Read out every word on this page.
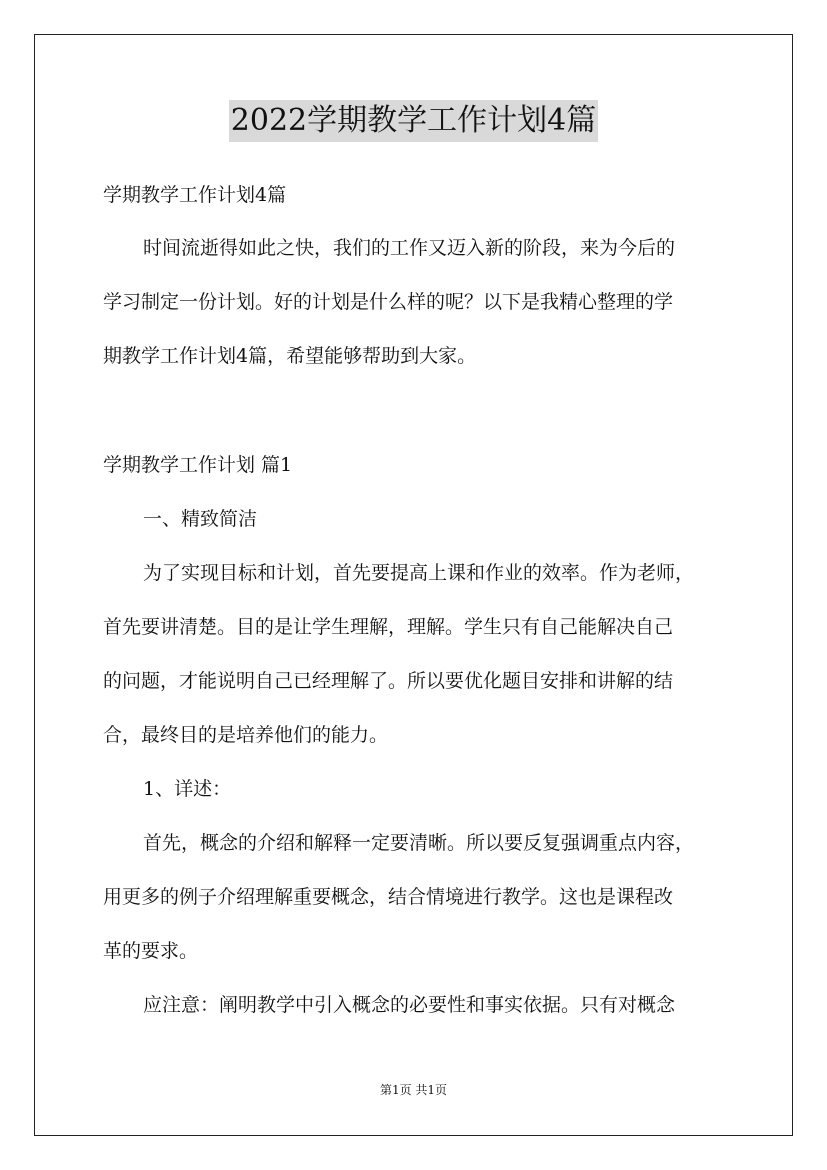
2022学期教学工作计划4篇
学期教学工作计划4篇
时间流逝得如此之快，我们的工作又迈入新的阶段，来为今后的
学习制定一份计划。好的计划是什么样的呢？以下是我精心整理的学
期教学工作计划4篇，希望能够帮助到大家。
学期教学工作计划 篇1
一、精致简洁
为了实现目标和计划，首先要提高上课和作业的效率。作为老师，
首先要讲清楚。目的是让学生理解，理解。学生只有自己能解决自己
的问题，才能说明自己已经理解了。所以要优化题目安排和讲解的结
合，最终目的是培养他们的能力。
1、详述：
首先，概念的介绍和解释一定要清晰。所以要反复强调重点内容，
用更多的例子介绍理解重要概念，结合情境进行教学。这也是课程改
革的要求。
应注意：阐明教学中引入概念的必要性和事实依据。只有对概念
第1页 共1页
